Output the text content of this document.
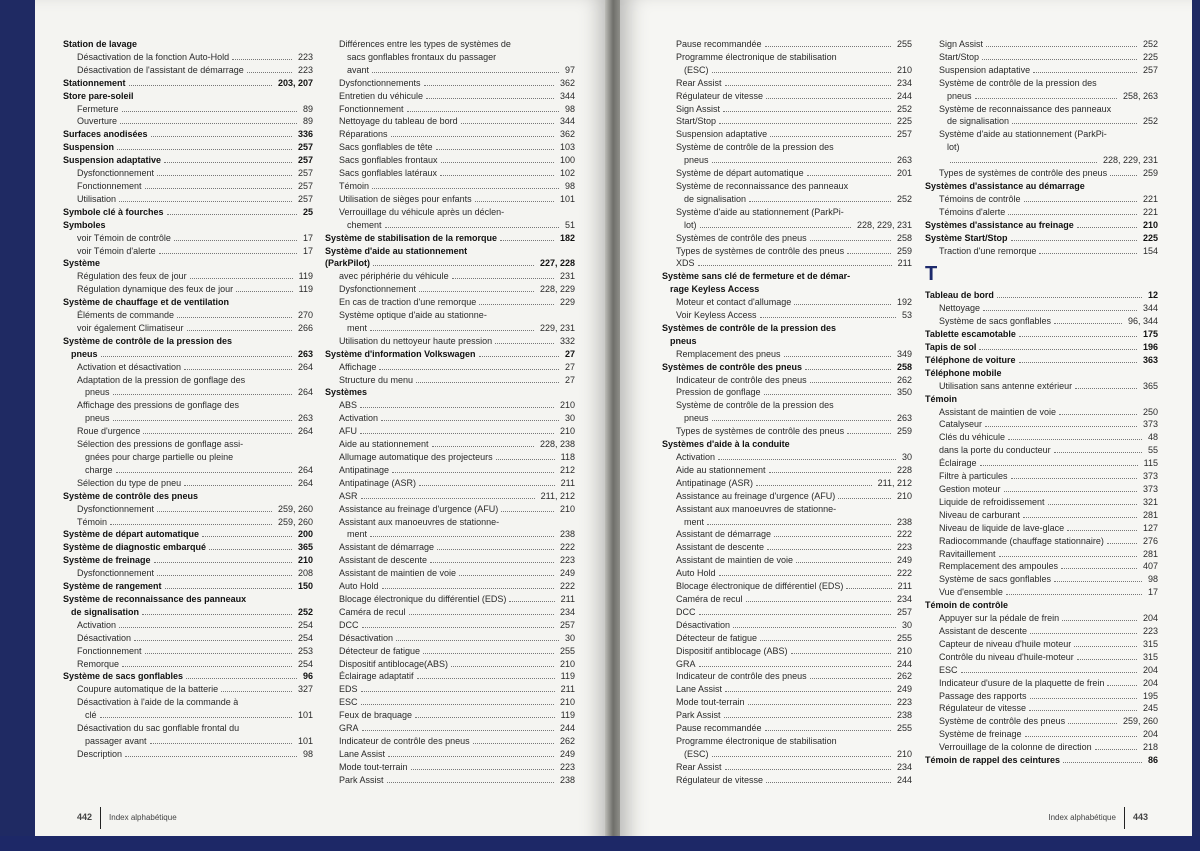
Station de lavage
Désactivation de la fonction Auto-Hold	223
Désactivation de l'assistant de démarrage	223
Stationnement	203, 207
Store pare-soleil
Fermeture	89
Ouverture	89
Surfaces anodisées	336
Suspension	257
Suspension adaptative	257
Dysfonctionnement	257
Fonctionnement	257
Utilisation	257
Symbole clé à fourches	25
Symboles
voir Témoin de contrôle	17
voir Témoin d'alerte	17
Système
Régulation des feux de jour	119
Régulation dynamique des feux de jour	119
Système de chauffage et de ventilation
Éléments de commande	270
voir également Climatiseur	266
Système de contrôle de la pression des
pneus	263
Activation et désactivation	264
Adaptation de la pression de gonflage des
pneus	264
Affichage des pressions de gonflage des
pneus	263
Roue d'urgence	264
Sélection des pressions de gonflage assi-
gnées pour charge partielle ou pleine
charge	264
Sélection du type de pneu	264
Système de contrôle des pneus
Dysfonctionnement	259, 260
Témoin	259, 260
Système de départ automatique	200
Système de diagnostic embarqué	365
Système de freinage	210
Dysfonctionnement	208
Système de rangement	150
Système de reconnaissance des panneaux
de signalisation	252
Activation	254
Désactivation	254
Fonctionnement	253
Remorque	254
Système de sacs gonflables	96
Coupure automatique de la batterie	327
Désactivation à l'aide de la commande à
clé	101
Désactivation du sac gonflable frontal du
passager avant	101
Description	98
Différences entre les types de systèmes de
sacs gonflables frontaux du passager
avant	97
Dysfonctionnements	362
Entretien du véhicule	344
Fonctionnement	98
Nettoyage du tableau de bord	344
Réparations	362
Sacs gonflables de tête	103
Sacs gonflables frontaux	100
Sacs gonflables latéraux	102
Témoin	98
Utilisation de sièges pour enfants	101
Verrouillage du véhicule après un déclen-
chement	51
Système de stabilisation de la remorque	182
Système d'aide au stationnement
(ParkPilot)	227, 228
avec périphérie du véhicule	231
Dysfonctionnement	228, 229
En cas de traction d'une remorque	229
Système optique d'aide au stationne-
ment	229, 231
Utilisation du nettoyeur haute pression	332
Système d'information Volkswagen	27
Affichage	27
Structure du menu	27
Systèmes
ABS	210
Activation	30
AFU	210
Aide au stationnement	228, 238
Allumage automatique des projecteurs	118
Antipatinage	212
Antipatinage (ASR)	211
ASR	211, 212
Assistance au freinage d'urgence (AFU)	210
Assistant aux manoeuvres de stationne-
ment	238
Assistant de démarrage	222
Assistant de descente	223
Assistant de maintien de voie	249
Auto Hold	222
Blocage électronique du différentiel (EDS)	211
Caméra de recul	234
DCC	257
Désactivation	30
Détecteur de fatigue	255
Dispositif antiblocage(ABS)	210
Éclairage adaptatif	119
EDS	211
ESC	210
Feux de braquage	119
GRA	244
Indicateur de contrôle des pneus	262
Lane Assist	249
Mode tout-terrain	223
Park Assist	238
442 Index alphabétique
Pause recommandée	255
Programme électronique de stabilisation
(ESC)	210
Rear Assist	234
Régulateur de vitesse	244
Sign Assist	252
Start/Stop	225
Suspension adaptative	257
Système de contrôle de la pression des
pneus	263
Système de départ automatique	201
Système de reconnaissance des panneaux
de signalisation	252
Système d'aide au stationnement (ParkPi-
lot)	228, 229, 231
Systèmes de contrôle des pneus	258
Types de systèmes de contrôle des pneus	259
XDS	211
Système sans clé de fermeture et de démar-
rage Keyless Access
Moteur et contact d'allumage	192
Voir Keyless Access	53
Systèmes de contrôle de la pression des
pneus
Remplacement des pneus	349
Systèmes de contrôle des pneus	258
Indicateur de contrôle des pneus	262
Pression de gonflage	350
Système de contrôle de la pression des
pneus	263
Types de systèmes de contrôle des pneus	259
Systèmes d'aide à la conduite
Activation	30
Aide au stationnement	228
Antipatinage (ASR)	211, 212
Assistance au freinage d'urgence (AFU)	210
Assistant aux manoeuvres de stationne-
ment	238
Assistant de démarrage	222
Assistant de descente	223
Assistant de maintien de voie	249
Auto Hold	222
Blocage électronique de différentiel (EDS)	211
Caméra de recul	234
DCC	257
Désactivation	30
Détecteur de fatigue	255
Dispositif antiblocage (ABS)	210
GRA	244
Indicateur de contrôle des pneus	262
Lane Assist	249
Mode tout-terrain	223
Park Assist	238
Pause recommandée	255
Programme électronique de stabilisation
(ESC)	210
Rear Assist	234
Régulateur de vitesse	244
Sign Assist	252
Start/Stop	225
Suspension adaptative	257
Système de contrôle de la pression des
pneus	258, 263
Système de reconnaissance des panneaux
de signalisation	252
Système d'aide au stationnement (ParkPi-
lot)
228, 229, 231
Types de systèmes de contrôle des pneus	259
Systèmes d'assistance au démarrage
Témoins de contrôle	221
Témoins d'alerte	221
Systèmes d'assistance au freinage	210
Système Start/Stop	225
Traction d'une remorque	154
T
Tableau de bord	12
Nettoyage	344
Système de sacs gonflables	96, 344
Tablette escamotable	175
Tapis de sol	196
Téléphone de voiture	363
Téléphone mobile
Utilisation sans antenne extérieur	365
Témoin
Assistant de maintien de voie	250
Catalyseur	373
Clés du véhicule	48
dans la porte du conducteur	55
Éclairage	115
Filtre à particules	373
Gestion moteur	373
Liquide de refroidissement	321
Niveau de carburant	281
Niveau de liquide de lave-glace	127
Radiocommande (chauffage stationnaire)	276
Ravitaillement	281
Remplacement des ampoules	407
Système de sacs gonflables	98
Vue d'ensemble	17
Témoin de contrôle
Appuyer sur la pédale de frein	204
Assistant de descente	223
Capteur de niveau d'huile moteur	315
Contrôle du niveau d'huile-moteur	315
ESC	204
Indicateur d'usure de la plaquette de frein	204
Passage des rapports	195
Régulateur de vitesse	245
Système de contrôle des pneus	259, 260
Système de freinage	204
Verrouillage de la colonne de direction	218
Témoin de rappel des ceintures	86
Index alphabétique 443
